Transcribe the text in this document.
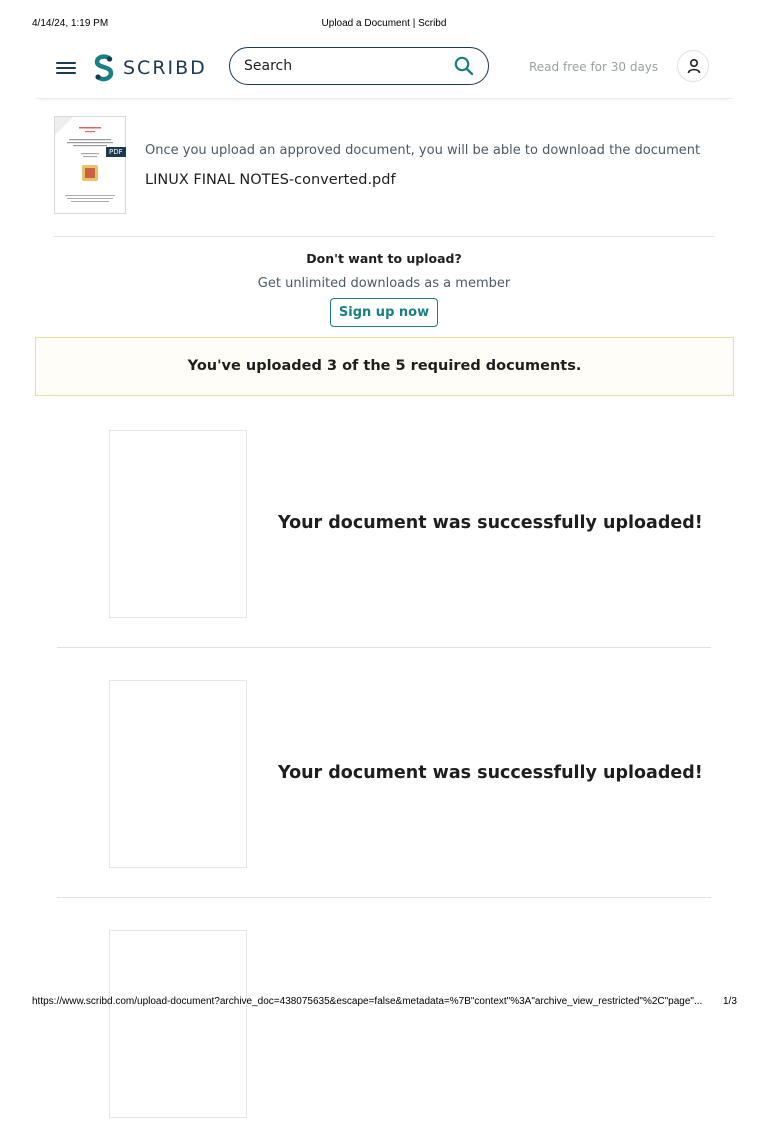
4/14/24, 1:19 PM	Upload a Document | Scribd
SCRIBD
Search	Read free for 30 days
PDF Once you upload an approved document, you will be able to download the document
LINUX FINAL NOTES-converted.pdf
Don't want to upload?
Get unlimited downloads as a member
Sign up now
You've uploaded 3 of the 5 required documents.
Your document was successfully uploaded!
Your document was successfully uploaded!
https://www.scribd.com/upload-document?archive_doc=438075635&escape=false&metadata=%7B"context"%3A"archive_view_restricted"%2C"page"...	1/3
